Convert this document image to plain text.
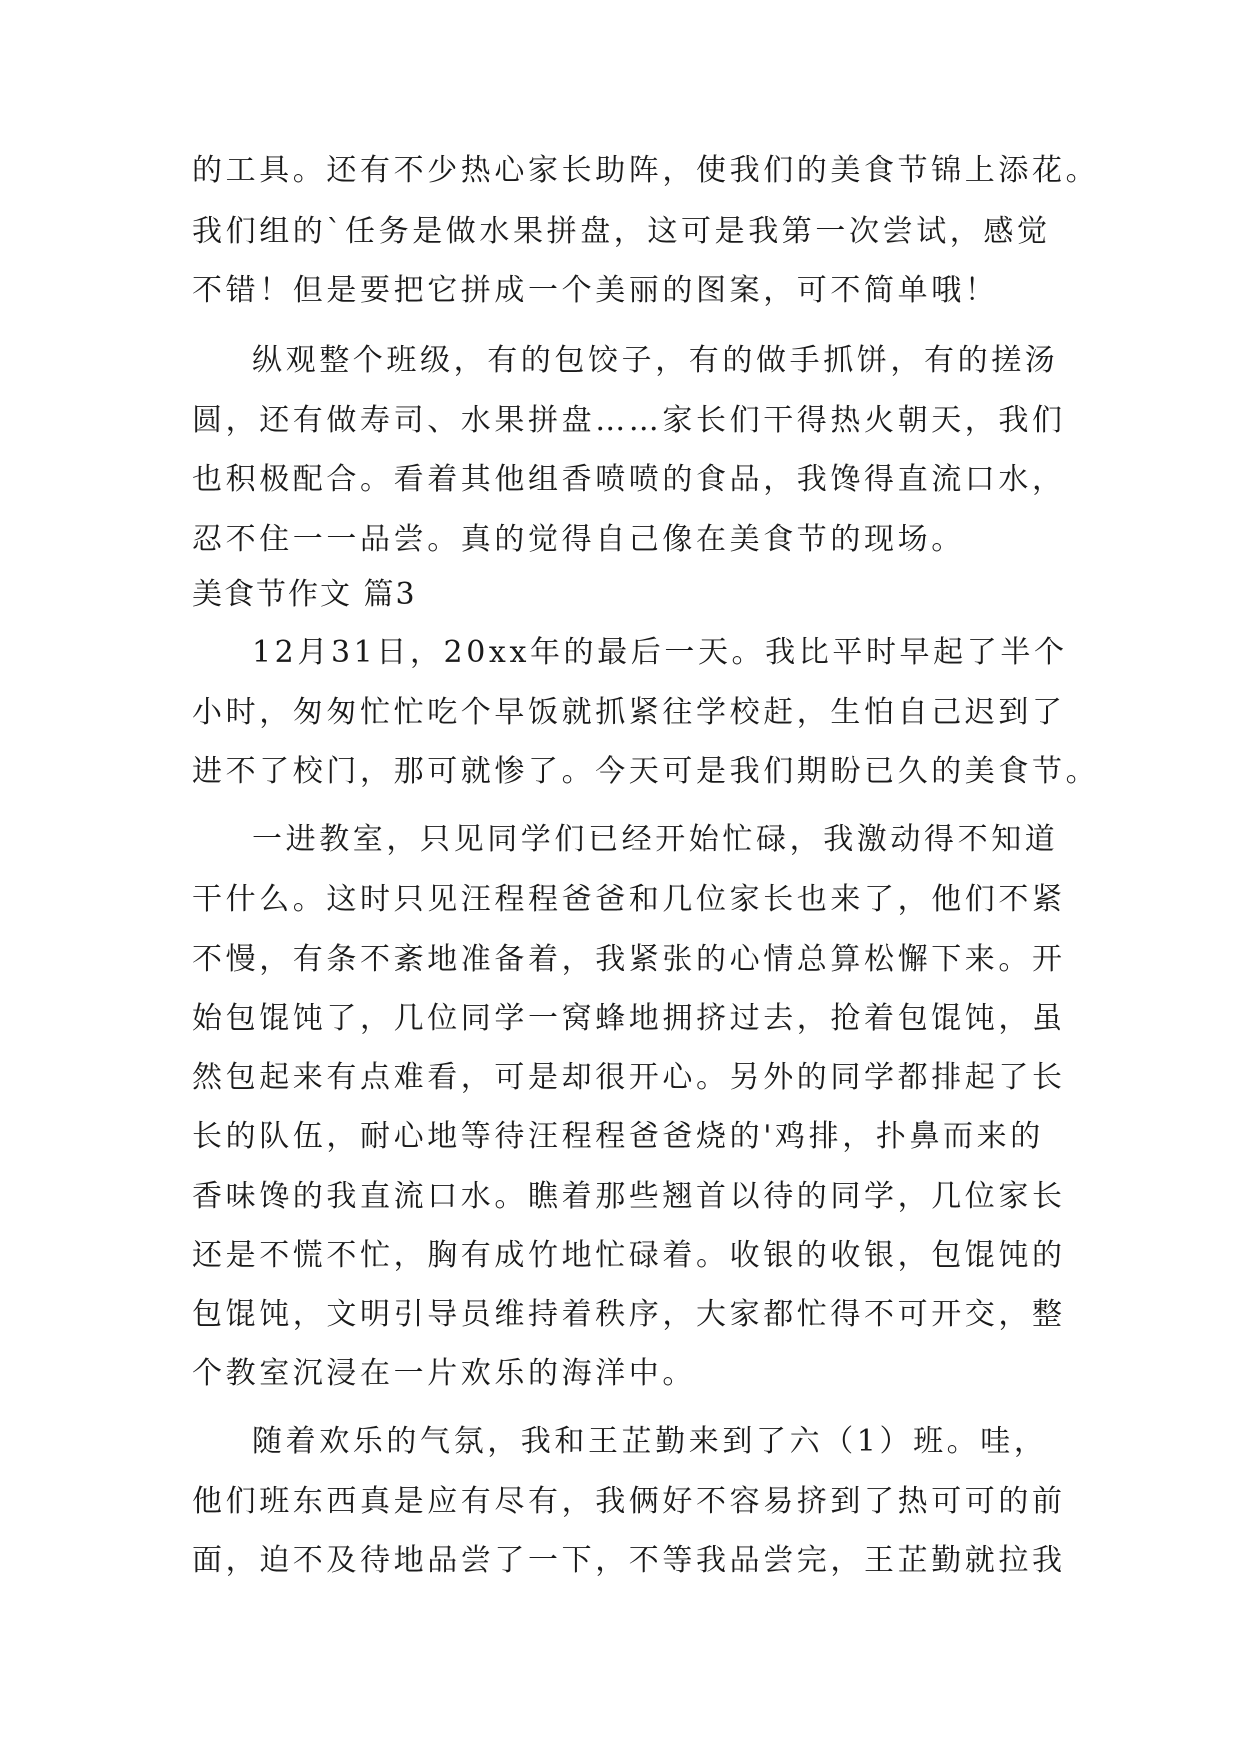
的工具。还有不少热心家长助阵，使我们的美食节锦上添花。
我们组的`任务是做水果拼盘，这可是我第一次尝试，感觉
不错！但是要把它拼成一个美丽的图案，可不简单哦！
纵观整个班级，有的包饺子，有的做手抓饼，有的搓汤
圆，还有做寿司、水果拼盘……家长们干得热火朝天，我们
也积极配合。看着其他组香喷喷的食品，我馋得直流口水，
忍不住一一品尝。真的觉得自己像在美食节的现场。
美食节作文 篇3
12月31日，20xx年的最后一天。我比平时早起了半个
小时，匆匆忙忙吃个早饭就抓紧往学校赶，生怕自己迟到了
进不了校门，那可就惨了。今天可是我们期盼已久的美食节。
一进教室，只见同学们已经开始忙碌，我激动得不知道
干什么。这时只见汪程程爸爸和几位家长也来了，他们不紧
不慢，有条不紊地准备着，我紧张的心情总算松懈下来。开
始包馄饨了，几位同学一窝蜂地拥挤过去，抢着包馄饨，虽
然包起来有点难看，可是却很开心。另外的同学都排起了长
长的队伍，耐心地等待汪程程爸爸烧的'鸡排，扑鼻而来的
香味馋的我直流口水。瞧着那些翘首以待的同学，几位家长
还是不慌不忙，胸有成竹地忙碌着。收银的收银，包馄饨的
包馄饨，文明引导员维持着秩序，大家都忙得不可开交，整
个教室沉浸在一片欢乐的海洋中。
随着欢乐的气氛，我和王芷勤来到了六（1）班。哇，
他们班东西真是应有尽有，我俩好不容易挤到了热可可的前
面，迫不及待地品尝了一下，不等我品尝完，王芷勤就拉我
